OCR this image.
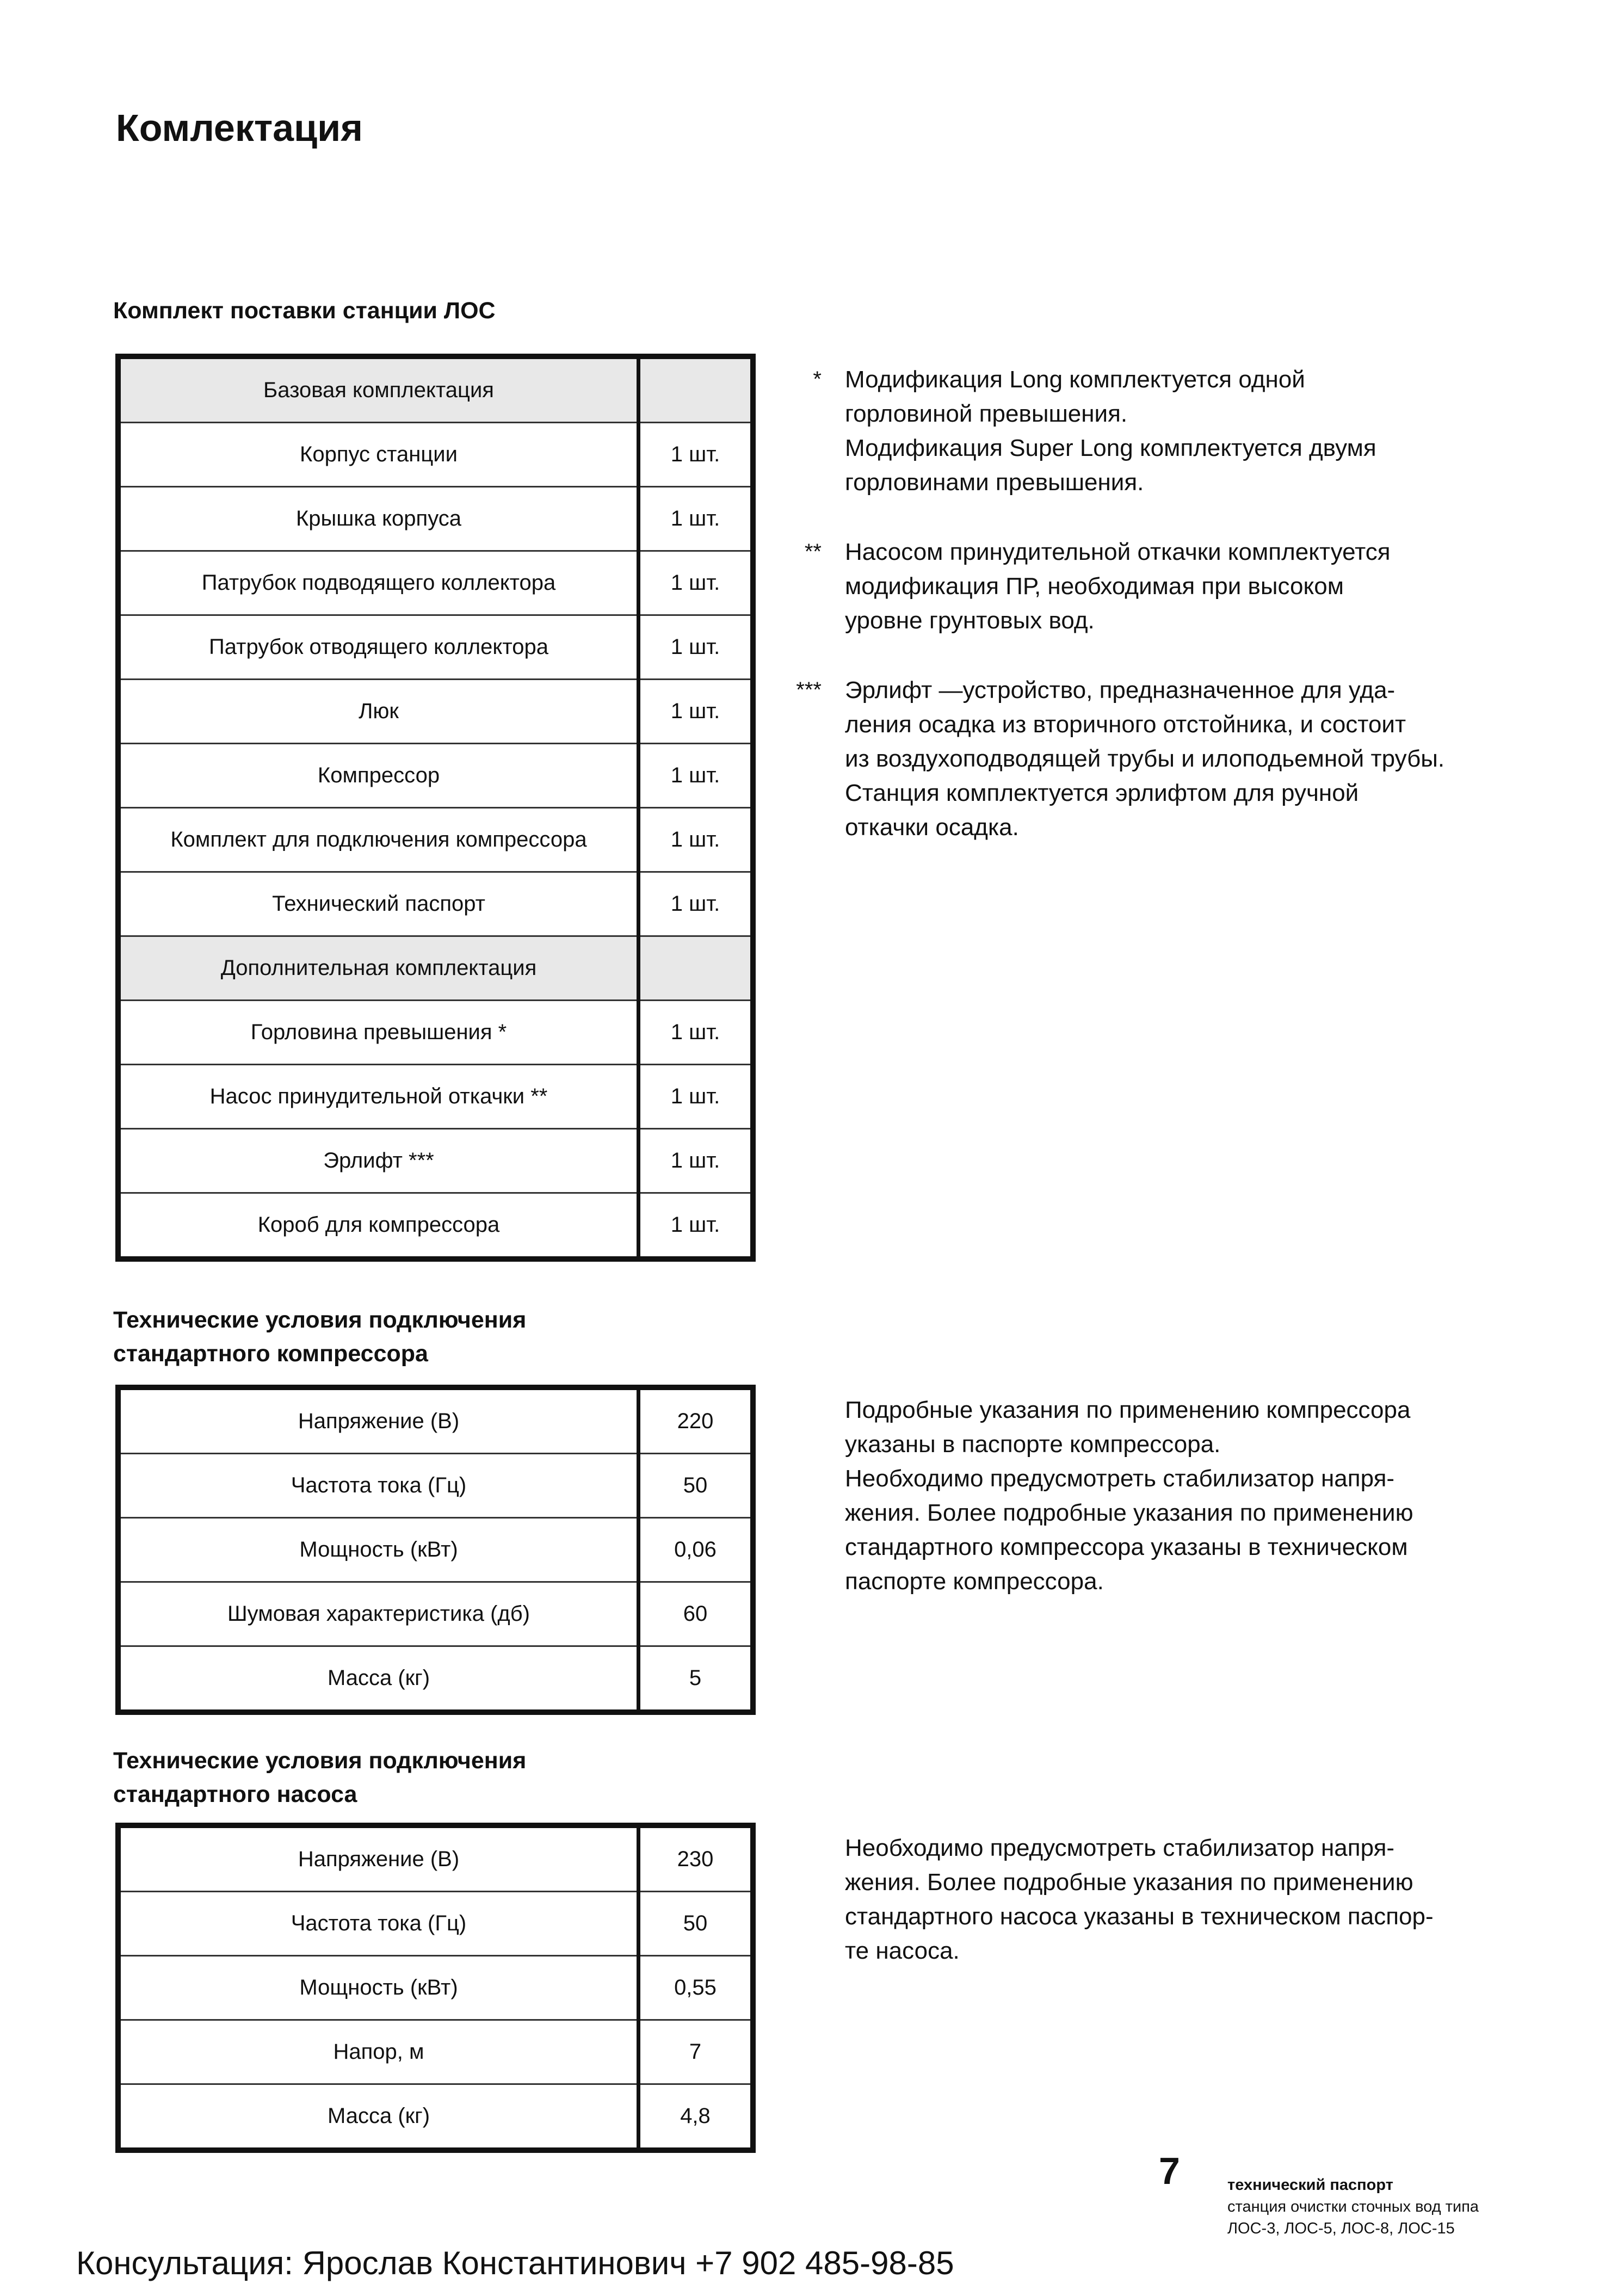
Комлектация
Комплект поставки станции ЛОС
Базовая комплектация	
Корпус станции	1 шт.
Крышка корпуса	1 шт.
Патрубок подводящего коллектора	1 шт.
Патрубок отводящего коллектора	1 шт.
Люк	1 шт.
Компрессор	1 шт.
Комплект для подключения компрессора	1 шт.
Технический паспорт	1 шт.
Дополнительная комплектация	
Горловина превышения *	1 шт.
Насос принудительной откачки **	1 шт.
Эрлифт ***	1 шт.
Короб для компрессора	1 шт.
* Модификация Long комплектуется одной
горловиной превышения.
Модификация Super Long комплектуется двумя
горловинами превышения.

** Насосом принудительной откачки комплектуется
модификация ПР, необходимая при высоком
уровне грунтовых вод.

*** Эрлифт —устройство, предназначенное для уда-
ления осадка из вторичного отстойника, и состоит
из воздухоподводящей трубы и илоподьемной трубы.
Станция комплектуется эрлифтом для ручной
откачки осадка.

Технические условия подключения
стандартного компрессора
Напряжение (В)	220
Частота тока (Гц)	50
Мощность (кВт)	0,06
Шумовая характеристика (дб)	60
Масса (кг)	5

Подробные указания по применению компрессора
указаны в паспорте компрессора.
Необходимо предусмотреть стабилизатор напря-
жения. Более подробные указания по применению
стандартного компрессора указаны в техническом
паспорте компрессора.

Технические условия подключения
стандартного насоса
Напряжение (В)	230
Частота тока (Гц)	50
Мощность (кВт)	0,55
Напор, м	7
Масса (кг)	4,8

Необходимо предусмотреть стабилизатор напря-
жения. Более подробные указания по применению
стандартного насоса указаны в техническом паспор-
те насоса.

7	технический паспорт
станция очистки сточных вод типа
ЛОС-3, ЛОС-5, ЛОС-8, ЛОС-15
Консультация: Ярослав Константинович +7 902 485-98-85
